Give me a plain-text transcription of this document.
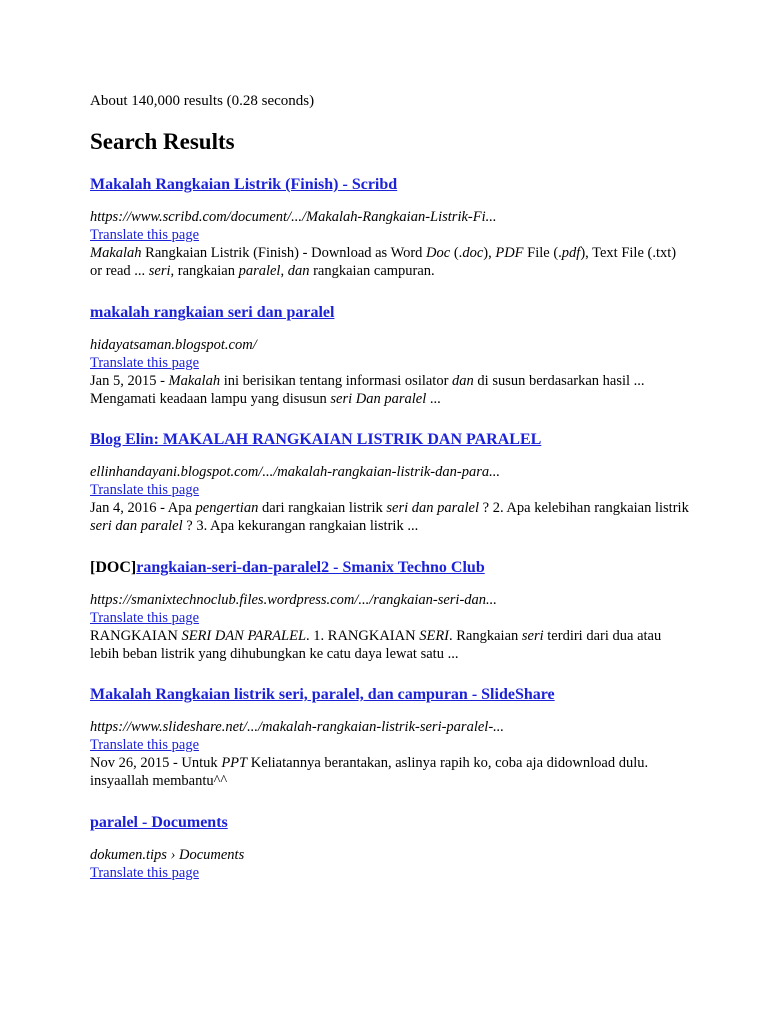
About 140,000 results (0.28 seconds)
Search Results
Makalah Rangkaian Listrik (Finish) - Scribd
https://www.scribd.com/document/.../Makalah-Rangkaian-Listrik-Fi...
Translate this page
Makalah Rangkaian Listrik (Finish) - Download as Word Doc (.doc), PDF File (.pdf), Text File (.txt) or read ... seri, rangkaian paralel, dan rangkaian campuran.
makalah rangkaian seri dan paralel
hidayatsaman.blogspot.com/
Translate this page
Jan 5, 2015 - Makalah ini berisikan tentang informasi osilator dan di susun berdasarkan hasil ... Mengamati keadaan lampu yang disusun seri Dan paralel ...
Blog Elin: MAKALAH RANGKAIAN LISTRIK DAN PARALEL
ellinhandayani.blogspot.com/.../makalah-rangkaian-listrik-dan-para...
Translate this page
Jan 4, 2016 - Apa pengertian dari rangkaian listrik seri dan paralel ? 2. Apa kelebihan rangkaian listrik seri dan paralel ? 3. Apa kekurangan rangkaian listrik ...
[DOC]rangkaian-seri-dan-paralel2 - Smanix Techno Club
https://smanixtechnoclub.files.wordpress.com/.../rangkaian-seri-dan...
Translate this page
RANGKAIAN SERI DAN PARALEL. 1. RANGKAIAN SERI. Rangkaian seri terdiri dari dua atau lebih beban listrik yang dihubungkan ke catu daya lewat satu ...
Makalah Rangkaian listrik seri, paralel, dan campuran - SlideShare
https://www.slideshare.net/.../makalah-rangkaian-listrik-seri-paralel-...
Translate this page
Nov 26, 2015 - Untuk PPT Keliatannya berantakan, aslinya rapih ko, coba aja didownload dulu. insyaallah membantu^^
paralel - Documents
dokumen.tips › Documents
Translate this page
